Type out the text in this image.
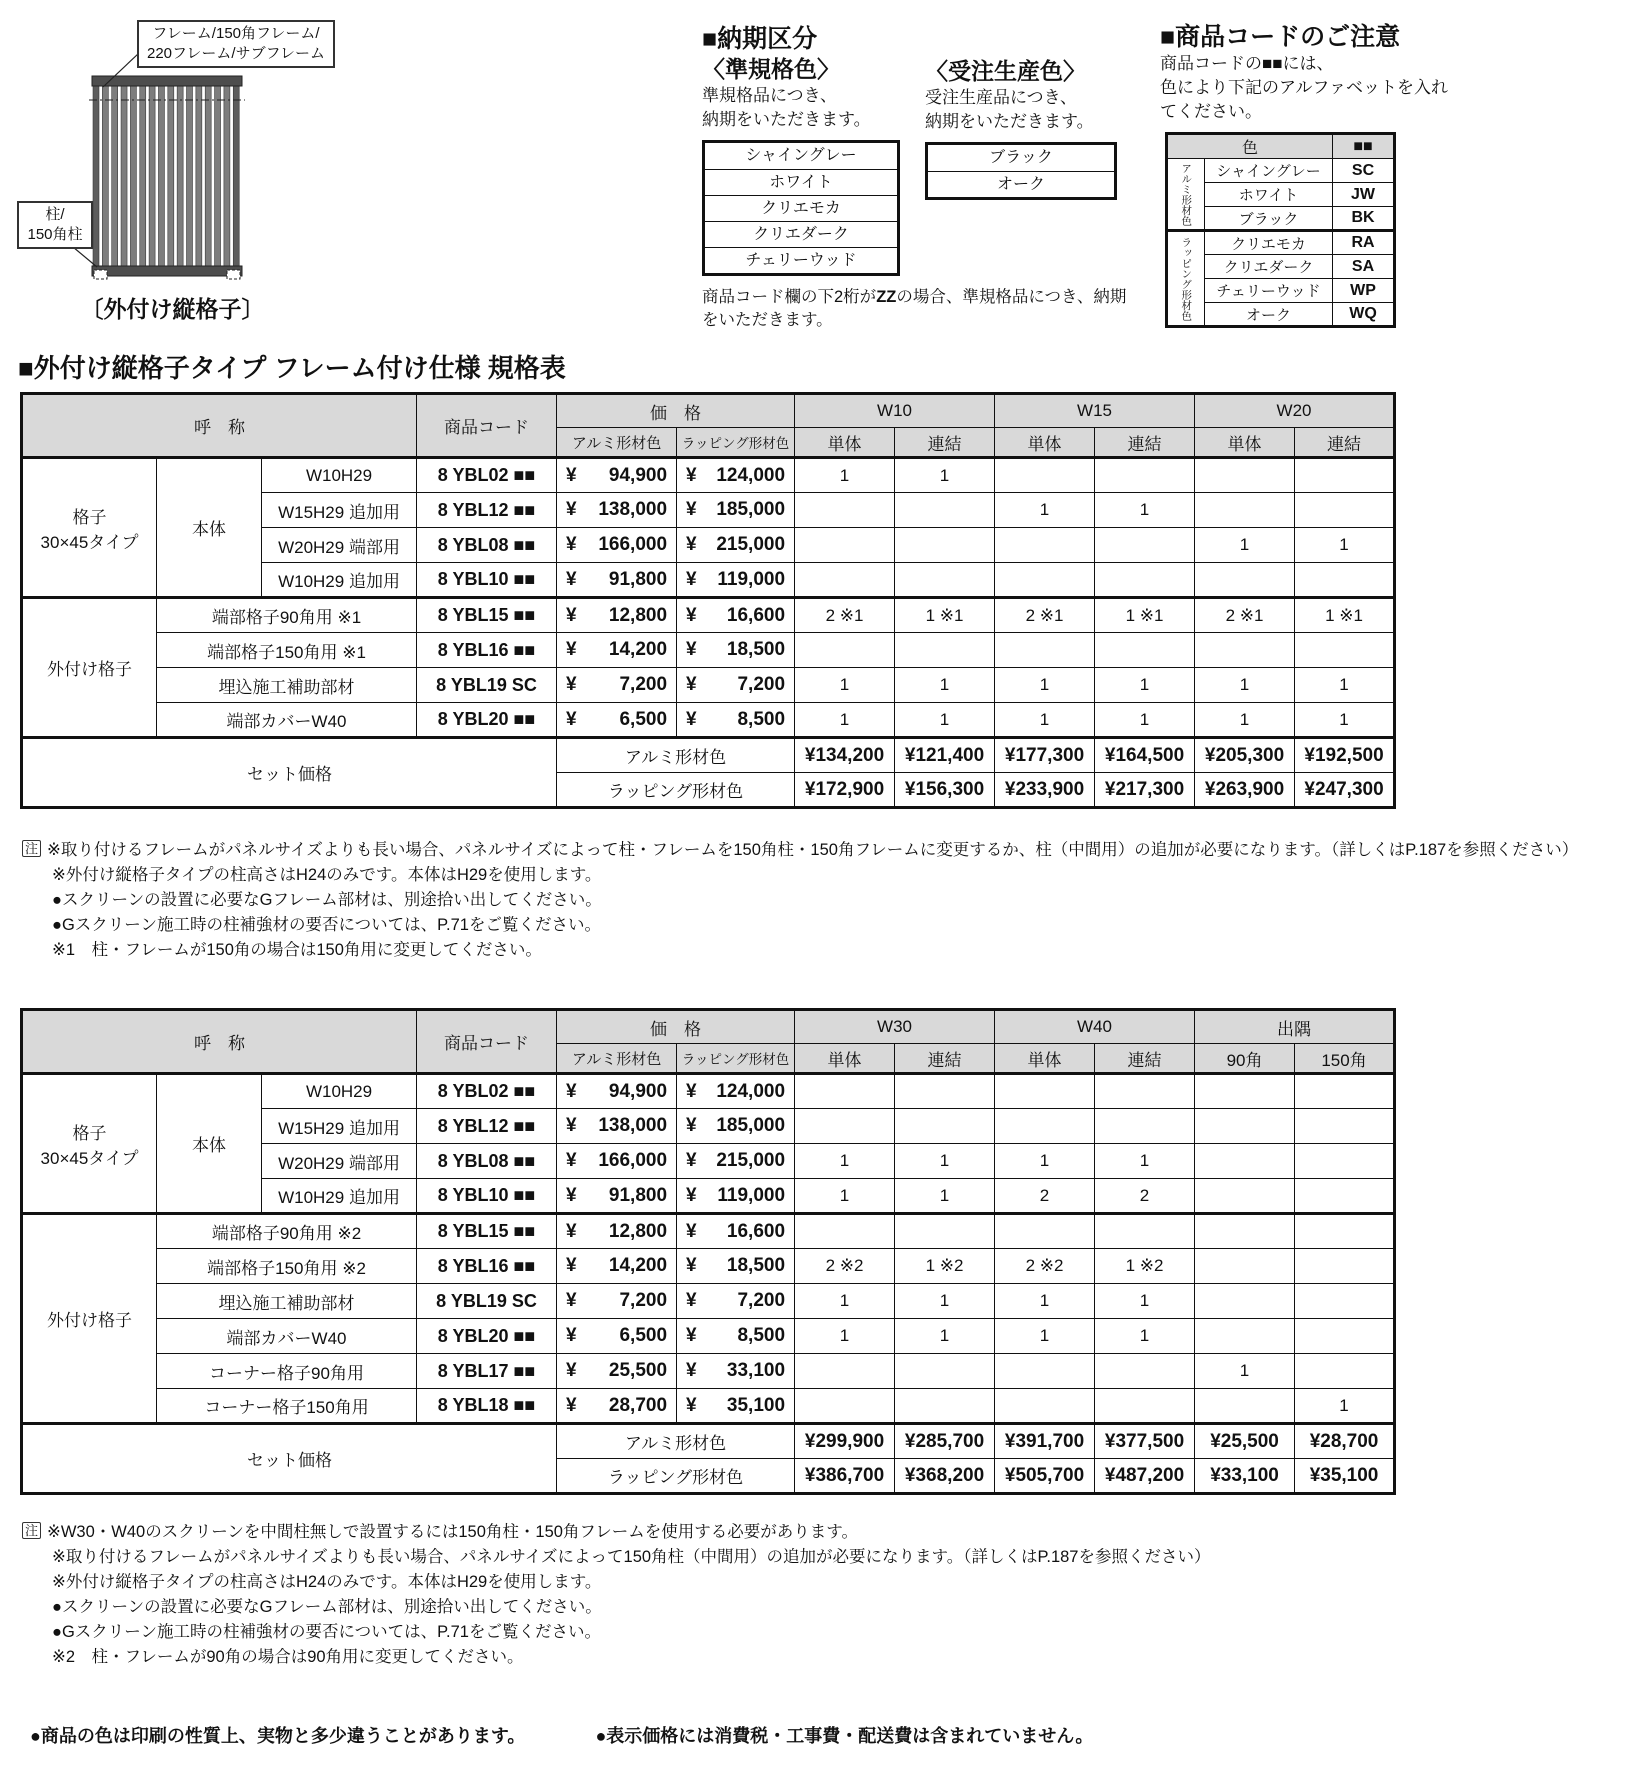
フレーム/150角フレーム/
220フレーム/サブフレーム
柱/
150角柱
〔外付け縦格子〕
■納期区分
〈準規格色〉
準規格品につき、
納期をいただきます。
シャイングレー
ホワイト
クリエモカ
クリエダーク
チェリーウッド
〈受注生産色〉
受注生産品につき、
納期をいただきます。
ブラック
オーク
商品コード欄の下2桁がZZの場合、準規格品につき、納期
をいただきます。
■商品コードのご注意
商品コードの■■には、
色により下記のアルファベットを入れ
てください。
色		■■
アルミ形材色	シャイングレー	SC
	ホワイト	JW
	ブラック	BK
ラッピング形材色	クリエモカ	RA
	クリエダーク	SA
	チェリーウッド	WP
	オーク	WQ
■外付け縦格子タイプ フレーム付け仕様 規格表
呼　称			商品コード	価　格		W10		W15		W20	
				アルミ形材色	ラッピング形材色	単体	連結	単体	連結	単体	連結

格子
30×45タイプ
	本体	W10H29	8 YBL02 ■■	¥ 94,900	¥ 124,000	1	1				
		W15H29 追加用	8 YBL12 ■■	¥ 138,000	¥ 185,000			1	1		
		W20H29 端部用	8 YBL08 ■■	¥ 166,000	¥ 215,000					1	1
		W10H29 追加用	8 YBL10 ■■	¥ 91,800	¥ 119,000						

外付け格子	端部格子90角用 ※1		8 YBL15 ■■	¥ 12,800	¥ 16,600	2 ※1	1 ※1	2 ※1	1 ※1	2 ※1	1 ※1
	端部格子150角用 ※1		8 YBL16 ■■	¥ 14,200	¥ 18,500						

	埋込施工補助部材		8 YBL19 SC	¥ 7,200	¥ 7,200	1	1	1	1	1	1
	端部カバーW40		8 YBL20 ■■	¥ 6,500	¥ 8,500	1	1	1	1	1	1
セット価格				アルミ形材色		¥134,200	¥121,400	¥177,300	¥164,500	¥205,300	¥192,500
				ラッピング形材色		¥172,900	¥156,300	¥233,900	¥217,300	¥263,900	¥247,300
注 ※取り付けるフレームがパネルサイズよりも長い場合、パネルサイズによって柱・フレームを150角柱・150角フレームに変更するか、柱（中間用）の追加が必要になります。（詳しくはP.187を参照ください）
※外付け縦格子タイプの柱高さはH24のみです。本体はH29を使用します。
●スクリーンの設置に必要なGフレーム部材は、別途拾い出してください。
●Gスクリーン施工時の柱補強材の要否については、P.71をご覧ください。
※1　柱・フレームが150角の場合は150角用に変更してください。
呼　称			商品コード	価　格		W30		W40		出隅	
				アルミ形材色	ラッピング形材色	単体	連結	単体	連結	90角	150角

格子
30×45タイプ
	本体	W10H29	8 YBL02 ■■	¥ 94,900	¥ 124,000

		W15H29 追加用	8 YBL12 ■■	¥ 138,000	¥ 185,000						

		W20H29 端部用	8 YBL08 ■■	¥ 166,000	¥ 215,000	1	1	1	1		
		W10H29 追加用	8 YBL10 ■■	¥ 91,800	¥ 119,000	1	1	2	2		
外付け格子	端部格子90角用 ※2		8 YBL15 ■■	¥ 12,800	¥ 16,600						

	端部格子150角用 ※2		8 YBL16 ■■	¥ 14,200	¥ 18,500	2 ※2	1 ※2	2 ※2	1 ※2		
	埋込施工補助部材		8 YBL19 SC	¥ 7,200	¥ 7,200	1	1	1	1		
	端部カバーW40		8 YBL20 ■■	¥ 6,500	¥ 8,500	1	1	1	1		
	コーナー格子90角用		8 YBL17 ■■	¥ 25,500	¥ 33,100					1	
	コーナー格子150角用		8 YBL18 ■■	¥ 28,700	¥ 35,100						1
セット価格				アルミ形材色		¥299,900	¥285,700	¥391,700	¥377,500	¥25,500	¥28,700
				ラッピング形材色		¥386,700	¥368,200	¥505,700	¥487,200	¥33,100	¥35,100
注 ※W30・W40のスクリーンを中間柱無しで設置するには150角柱・150角フレームを使用する必要があります。
※取り付けるフレームがパネルサイズよりも長い場合、パネルサイズによって150角柱（中間用）の追加が必要になります。（詳しくはP.187を参照ください）
※外付け縦格子タイプの柱高さはH24のみです。本体はH29を使用します。
●スクリーンの設置に必要なGフレーム部材は、別途拾い出してください。
●Gスクリーン施工時の柱補強材の要否については、P.71をご覧ください。
※2　柱・フレームが90角の場合は90角用に変更してください。
●商品の色は印刷の性質上、実物と多少違うことがあります。	●表示価格には消費税・工事費・配送費は含まれていません。
